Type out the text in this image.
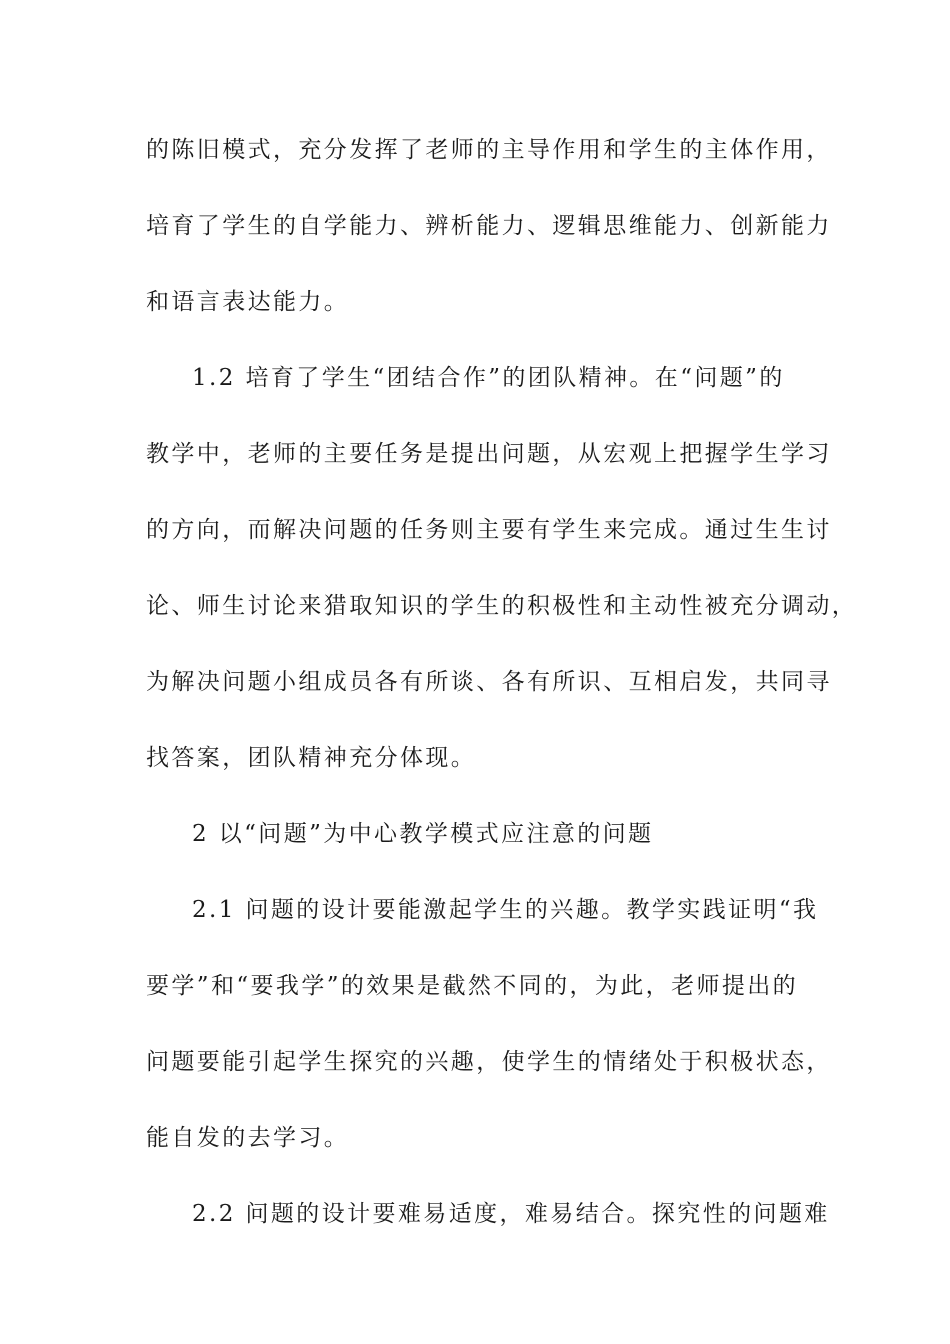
的陈旧模式，充分发挥了老师的主导作用和学生的主体作用，
培育了学生的自学能力、辨析能力、逻辑思维能力、创新能力
和语言表达能力。
1.2 培育了学生“团结合作”的团队精神。在“问题”的
教学中，老师的主要任务是提出问题，从宏观上把握学生学习
的方向，而解决问题的任务则主要有学生来完成。通过生生讨
论、师生讨论来猎取知识的学生的积极性和主动性被充分调动，
为解决问题小组成员各有所谈、各有所识、互相启发，共同寻
找答案，团队精神充分体现。
2 以“问题”为中心教学模式应注意的问题
2.1 问题的设计要能激起学生的兴趣。教学实践证明“我
要学”和“要我学”的效果是截然不同的，为此，老师提出的
问题要能引起学生探究的兴趣，使学生的情绪处于积极状态，
能自发的去学习。
2.2 问题的设计要难易适度，难易结合。探究性的问题难
